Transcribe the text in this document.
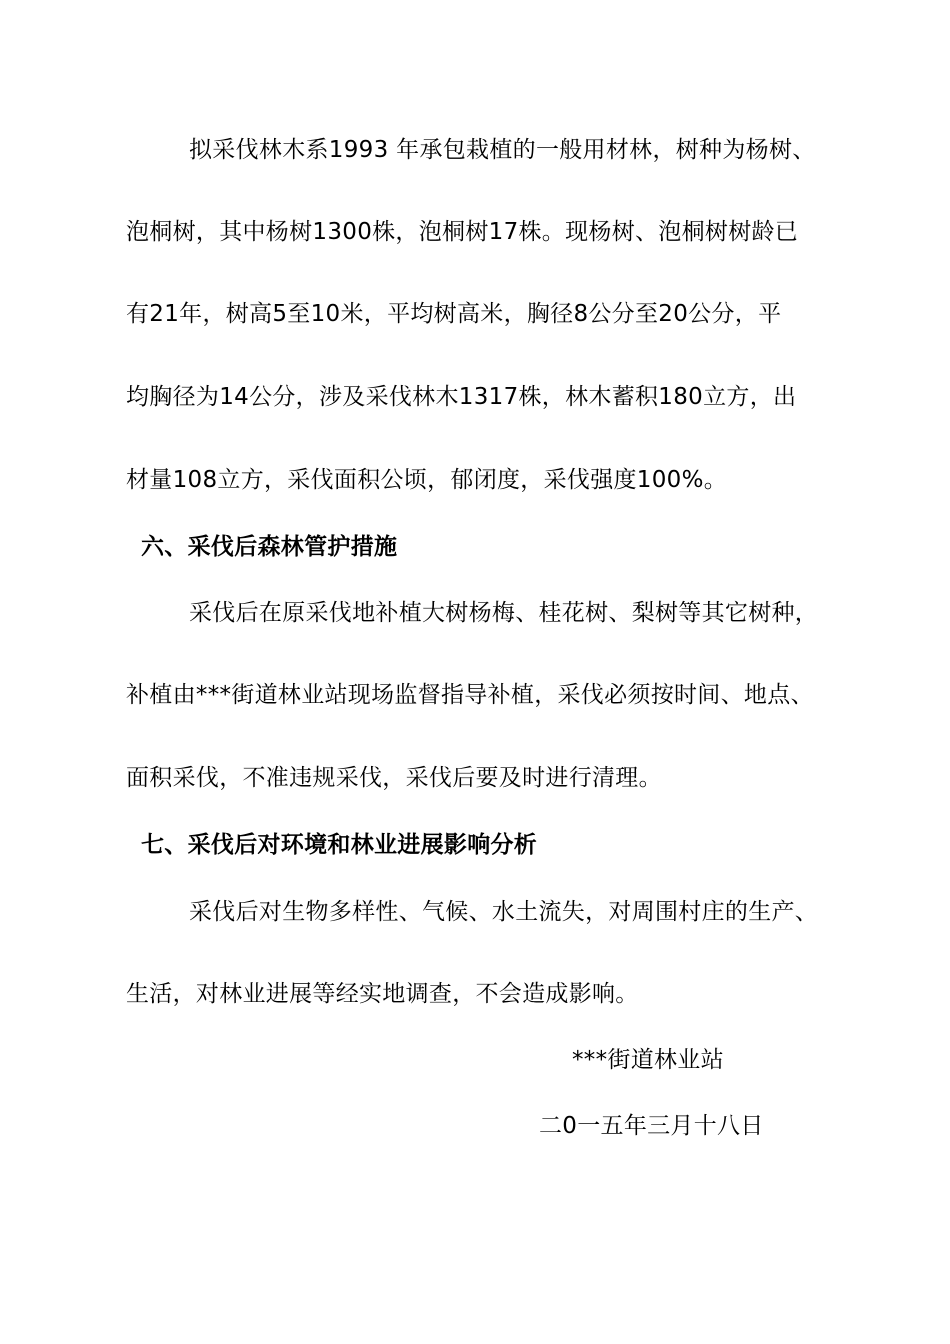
拟采伐林木系1993 年承包栽植的一般用材林，树种为杨树、
泡桐树，其中杨树1300株，泡桐树17株。现杨树、泡桐树树龄已
有21年，树高5至10米，平均树高米，胸径8公分至20公分，平
均胸径为14公分，涉及采伐林木1317株，林木蓄积180立方，出
材量108立方，采伐面积公顷，郁闭度，采伐强度100%。
六、采伐后森林管护措施
采伐后在原采伐地补植大树杨梅、桂花树、梨树等其它树种，
补植由***街道林业站现场监督指导补植，采伐必须按时间、地点、
面积采伐，不准违规采伐，采伐后要及时进行清理。
七、采伐后对环境和林业进展影响分析
采伐后对生物多样性、气候、水土流失，对周围村庄的生产、
生活，对林业进展等经实地调查，不会造成影响。
***街道林业站
二0一五年三月十八日
